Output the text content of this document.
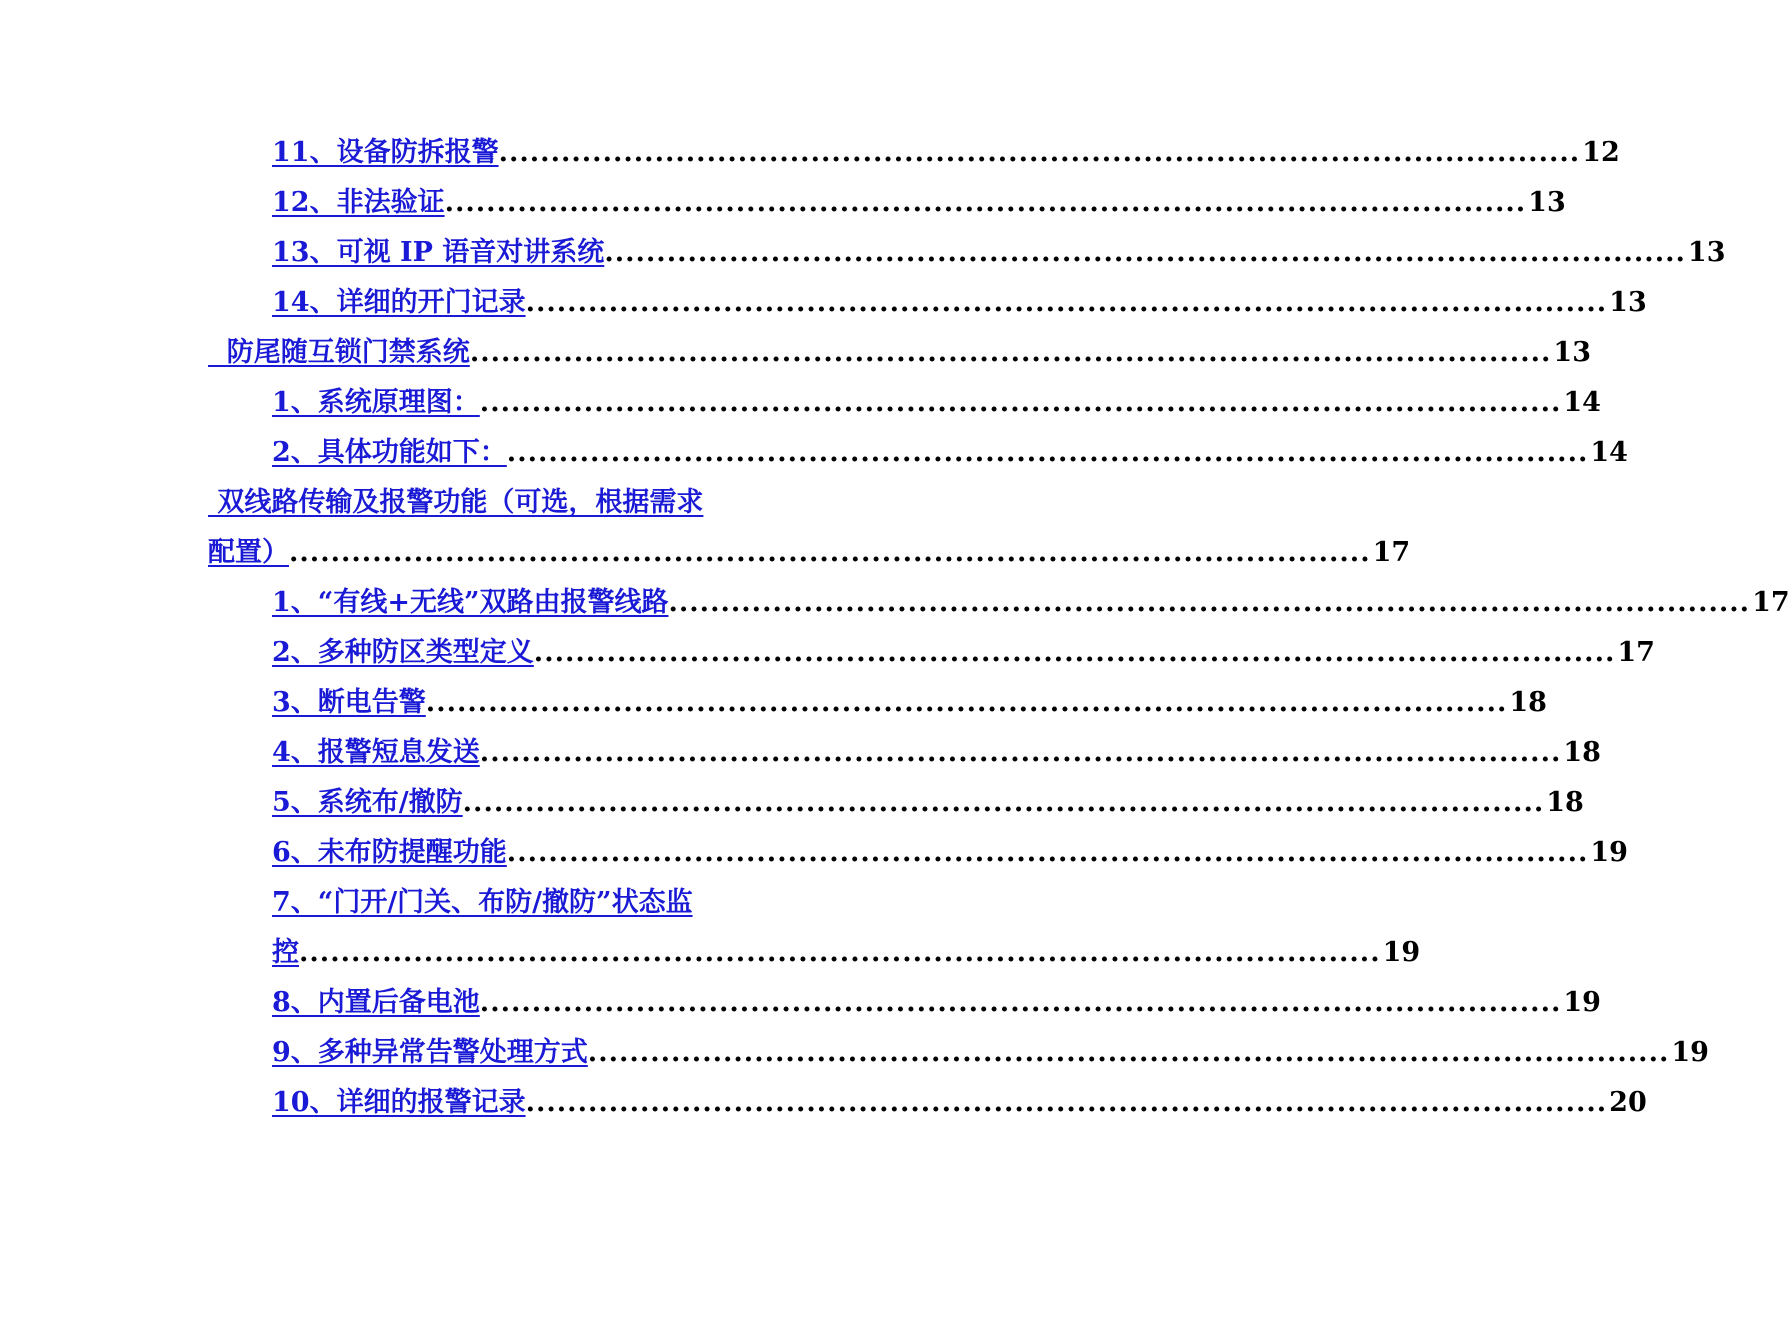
11、设备防拆报警 ........................................................................................................ 12
12、非法验证 ........................................................................................................ 13
13、可视 IP 语音对讲系统 ........................................................................................................ 13
14、详细的开门记录 ........................................................................................................ 13
防尾随互锁门禁系统 ........................................................................................................ 13
1、系统原理图： ........................................................................................................ 14
2、具体功能如下： ........................................................................................................ 14
双线路传输及报警功能（可选，根据需求
配置） ........................................................................................................ 17
1、“有线+无线”双路由报警线路 ........................................................................................................ 17
2、多种防区类型定义 ........................................................................................................ 17
3、断电告警 ........................................................................................................ 18
4、报警短息发送 ........................................................................................................ 18
5、系统布/撤防 ........................................................................................................ 18
6、未布防提醒功能 ........................................................................................................ 19
7、“门开/门关、布防/撤防”状态监
控 ........................................................................................................ 19
8、内置后备电池 ........................................................................................................ 19
9、多种异常告警处理方式 ........................................................................................................ 19
10、详细的报警记录 ........................................................................................................ 20
